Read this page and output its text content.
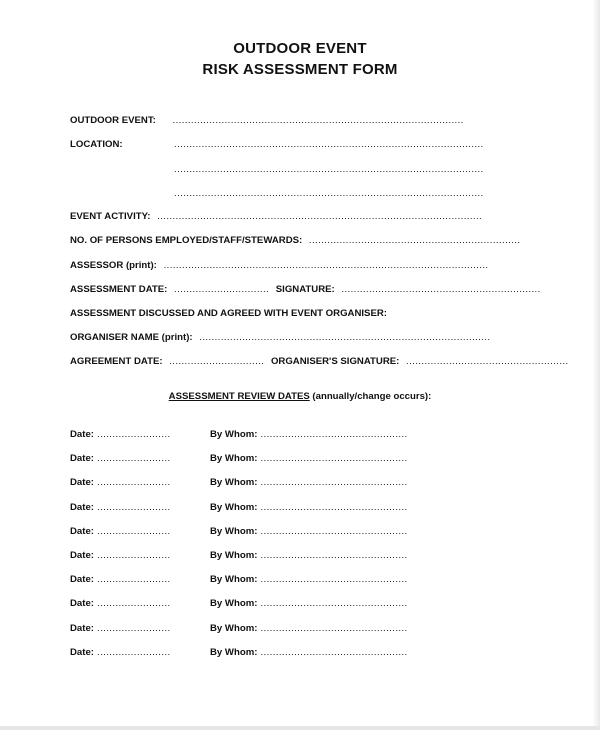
OUTDOOR EVENT
RISK ASSESSMENT FORM
OUTDOOR EVENT: ...............................................................................................
LOCATION:	.....................................................................................................
.....................................................................................................
.....................................................................................................
EVENT ACTIVITY: ..........................................................................................................
NO. OF PERSONS EMPLOYED/STAFF/STEWARDS: .....................................................................
ASSESSOR (print): ..........................................................................................................
ASSESSMENT DATE: ............................... SIGNATURE: .................................................................
ASSESSMENT DISCUSSED AND AGREED WITH EVENT ORGANISER:
ORGANISER NAME (print): ...............................................................................................
AGREEMENT DATE: ............................... ORGANISER'S SIGNATURE: .....................................................
ASSESSMENT REVIEW DATES (annually/change occurs):
Date: ........................	By Whom: ................................................
Date: ........................	By Whom: ................................................
Date: ........................	By Whom: ................................................
Date: ........................	By Whom: ................................................
Date: ........................	By Whom: ................................................
Date: ........................	By Whom: ................................................
Date: ........................	By Whom: ................................................
Date: ........................	By Whom: ................................................
Date: ........................	By Whom: ................................................
Date: ........................	By Whom: ................................................
